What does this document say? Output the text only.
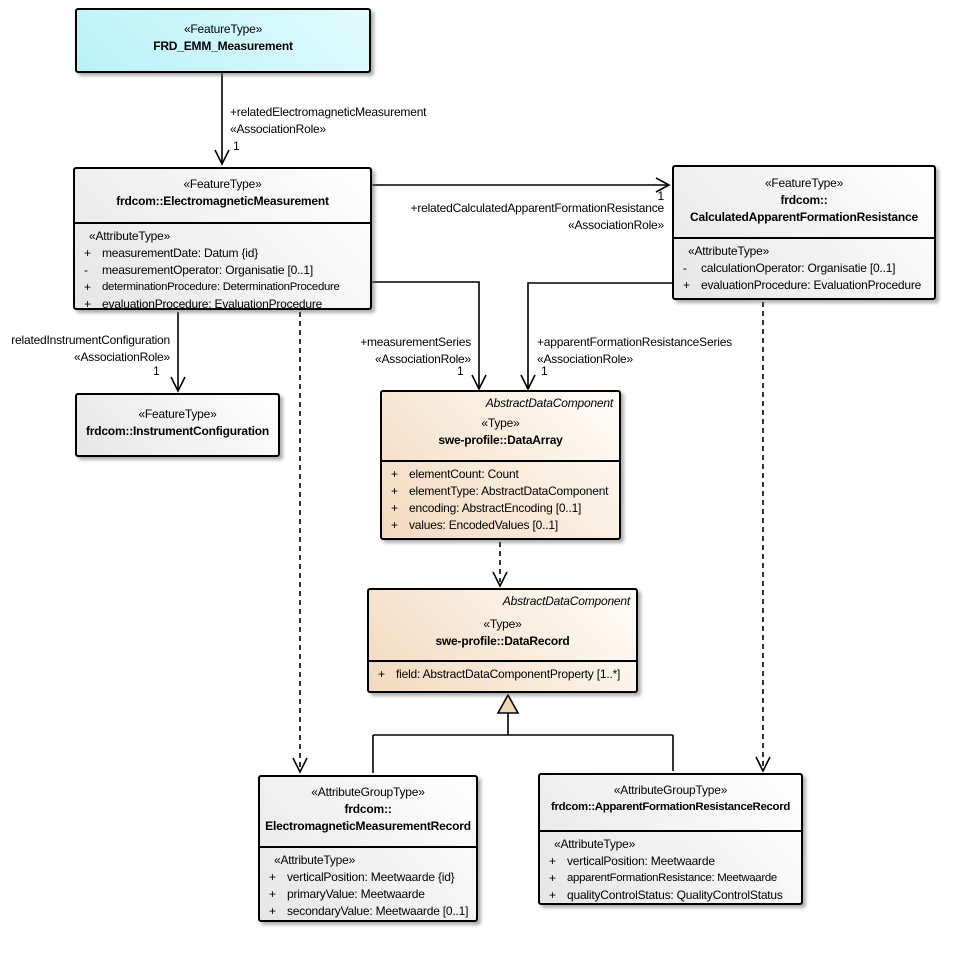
«FeatureType»
FRD_EMM_Measurement
«FeatureType»
frdcom::ElectromagneticMeasurement
«AttributeType»
+ measurementDate: Datum {id}
-	measurementOperator: Organisatie [0..1]
+ determinationProcedure: DeterminationProcedure
+ evaluationProcedure: EvaluationProcedure
«FeatureType»
frdcom::
CalculatedApparentFormationResistance
«AttributeType»
-	calculationOperator: Organisatie [0..1]
+ evaluationProcedure: EvaluationProcedure
«FeatureType»
frdcom::InstrumentConfiguration
AbstractDataComponent
«Type»
swe-profile::DataArray
+ elementCount: Count
+ elementType: AbstractDataComponent
+ encoding: AbstractEncoding [0..1]
+ values: EncodedValues [0..1]
AbstractDataComponent
«Type»
swe-profile::DataRecord
+ field: AbstractDataComponentProperty [1..*]
«AttributeGroupType»
frdcom::
ElectromagneticMeasurementRecord
«AttributeType»
+ verticalPosition: Meetwaarde {id}
+ primaryValue: Meetwaarde
+ secondaryValue: Meetwaarde [0..1]
«AttributeGroupType»
frdcom::ApparentFormationResistanceRecord
«AttributeType»
+ verticalPosition: Meetwaarde
+ apparentFormationResistance: Meetwaarde
+ qualityControlStatus: QualityControlStatus
+relatedElectromagneticMeasurement
«AssociationRole»
1
+relatedCalculatedApparentFormationResistance
«AssociationRole»
1
relatedInstrumentConfiguration
«AssociationRole»
1
+measurementSeries
«AssociationRole»
1
+apparentFormationResistanceSeries
«AssociationRole»
1
